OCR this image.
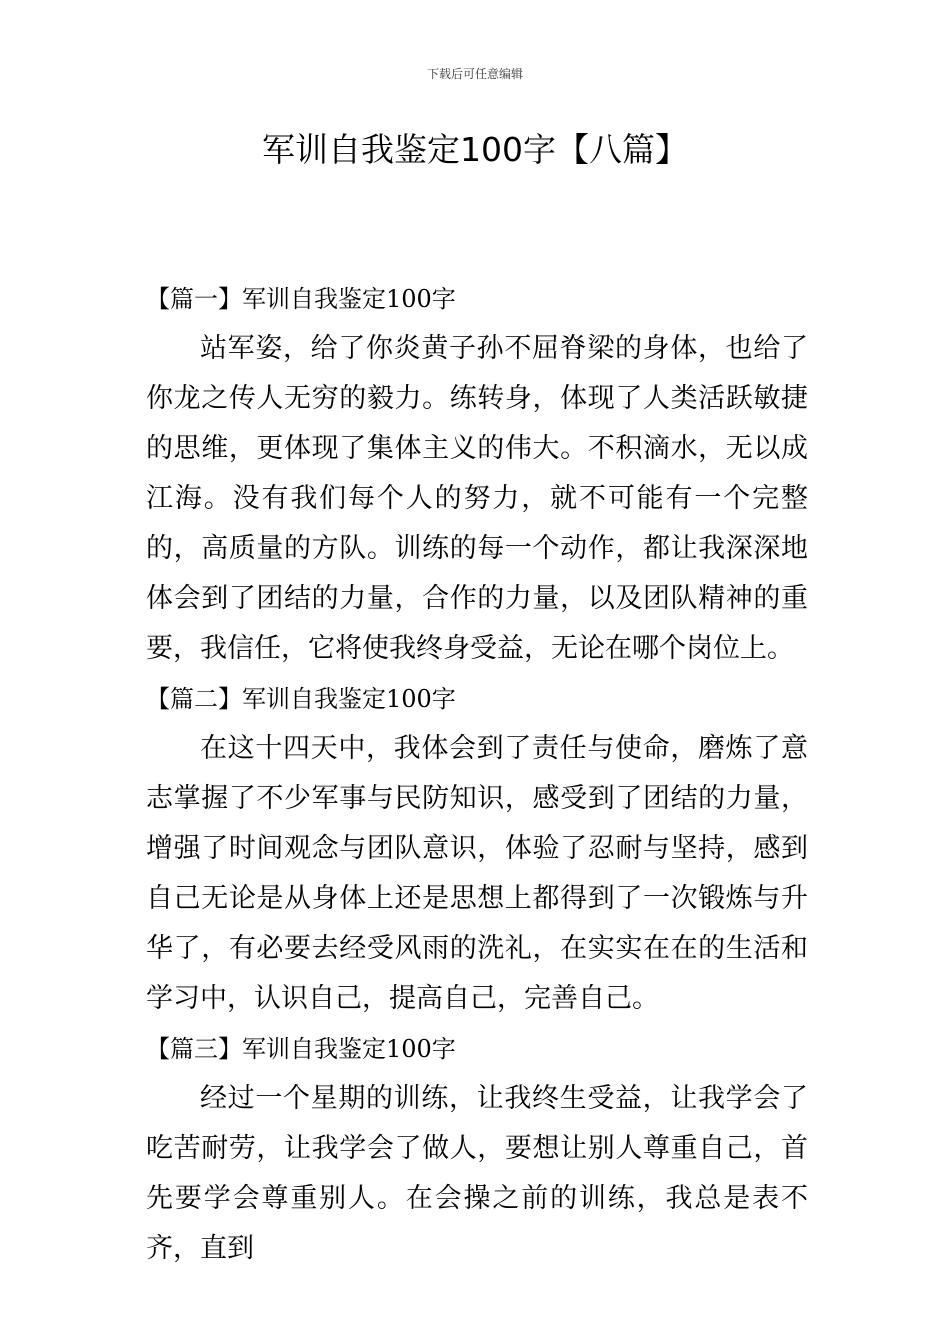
下载后可任意编辑
军训自我鉴定100字【八篇】
【篇一】军训自我鉴定100字

站军姿，给了你炎黄子孙不屈脊梁的身体，也给了你龙之传人无穷的毅力。练转身，体现了人类活跃敏捷的思维，更体现了集体主义的伟大。不积滴水，无以成江海。没有我们每个人的努力，就不可能有一个完整的，高质量的方队。训练的每一个动作，都让我深深地体会到了团结的力量，合作的力量，以及团队精神的重要，我信任，它将使我终身受益，无论在哪个岗位上。

【篇二】军训自我鉴定100字

在这十四天中，我体会到了责任与使命，磨炼了意志掌握了不少军事与民防知识，感受到了团结的力量，增强了时间观念与团队意识，体验了忍耐与坚持，感到自己无论是从身体上还是思想上都得到了一次锻炼与升华了，有必要去经受风雨的洗礼，在实实在在的生活和学习中，认识自己，提高自己，完善自己。

【篇三】军训自我鉴定100字

经过一个星期的训练，让我终生受益，让我学会了吃苦耐劳，让我学会了做人，要想让别人尊重自己，首先要学会尊重别人。在会操之前的训练，我总是表不齐，直到
